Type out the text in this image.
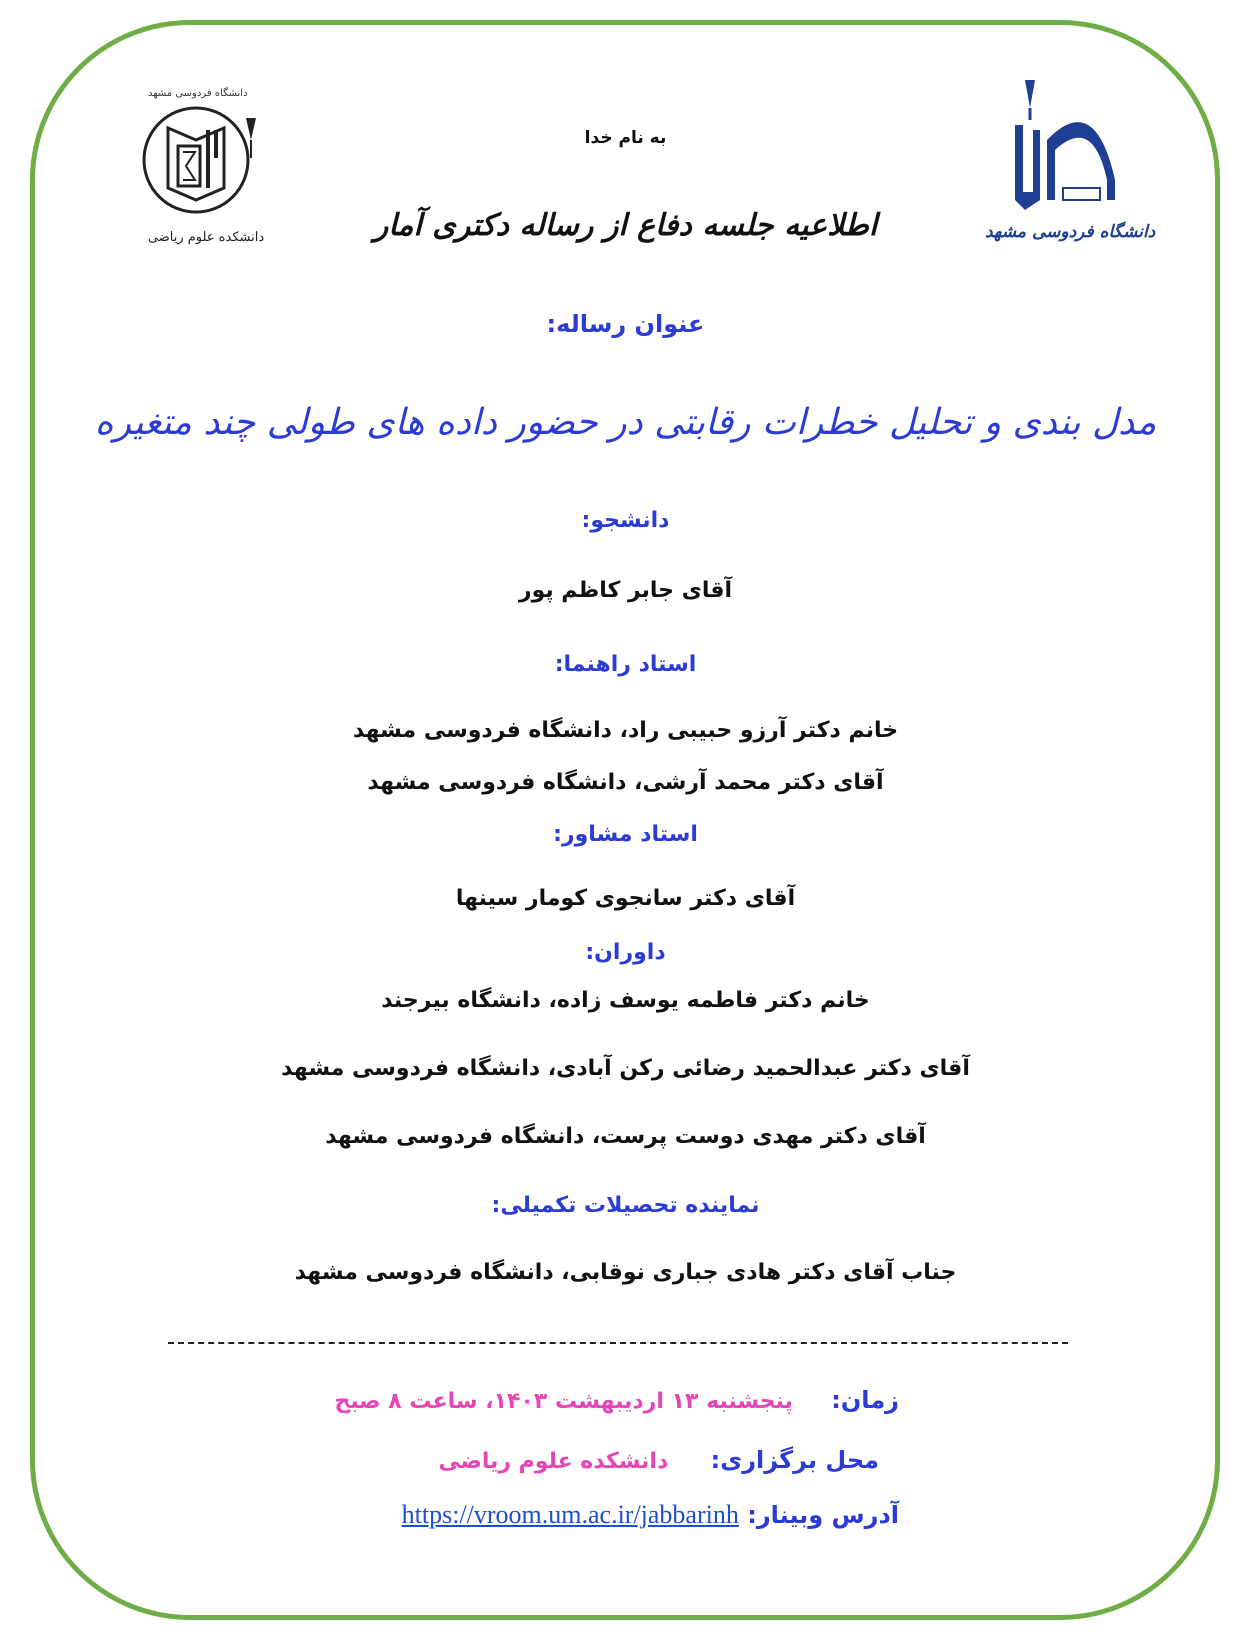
دانشگاه فردوسی مشهد
دانشکده علوم ریاضی	دانشگاه فردوسی مشهد
به نام خدا
اطلاعیه جلسه دفاع از رساله دکتری آمار
عنوان رساله:
مدل بندی و تحلیل خطرات رقابتی در حضور داده های طولی چند متغیره
دانشجو:
آقای جابر کاظم پور
استاد راهنما:
خانم دکتر آرزو حبیبی راد، دانشگاه فردوسی مشهد
آقای دکتر محمد آرشی، دانشگاه فردوسی مشهد
استاد مشاور:
آقای دکتر سانجوی کومار سینها
داوران:
خانم دکتر فاطمه یوسف زاده، دانشگاه بیرجند
آقای دکتر عبدالحمید رضائی رکن آبادی، دانشگاه فردوسی مشهد
آقای دکتر مهدی دوست پرست، دانشگاه فردوسی مشهد
نماینده تحصیلات تکمیلی:
جناب آقای دکتر هادی جباری نوقابی، دانشگاه فردوسی مشهد
زمان: پنجشنبه ۱۳ اردیبهشت ۱۴۰۳، ساعت ۸ صبح
محل برگزاری: دانشکده علوم ریاضی
آدرس وبینار: https://vroom.um.ac.ir/jabbarinh
